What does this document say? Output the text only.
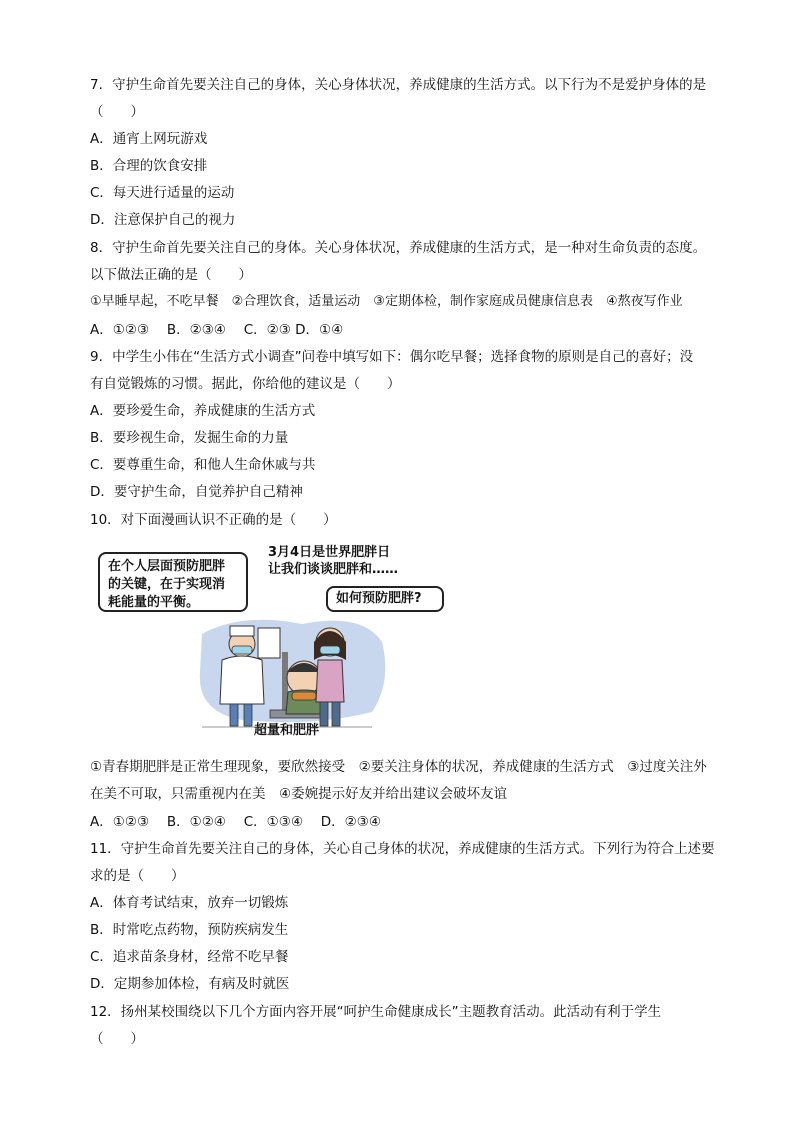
7．守护生命首先要关注自己的身体，关心身体状况，养成健康的生活方式。以下行为不是爱护身体的是
（　　）
A．通宵上网玩游戏
B．合理的饮食安排
C．每天进行适量的运动
D．注意保护自己的视力
8．守护生命首先要关注自己的身体。关心身体状况，养成健康的生活方式，是一种对生命负责的态度。
以下做法正确的是（　　）
①早睡早起，不吃早餐　②合理饮食，适量运动　③定期体检，制作家庭成员健康信息表　④熬夜写作业
A．①②③　 B．②③④　 C．②③ D．①④
9．中学生小伟在“生活方式小调查”问卷中填写如下：偶尔吃早餐；选择食物的原则是自己的喜好；没
有自觉锻炼的习惯。据此，你给他的建议是（　　）
A．要珍爱生命，养成健康的生活方式
B．要珍视生命，发掘生命的力量
C．要尊重生命，和他人生命休戚与共
D．要守护生命，自觉养护自己精神
10．对下面漫画认识不正确的是（　　）
在个人层面预防肥胖
的关键，在于实现消
耗能量的平衡。
3月4日是世界肥胖日
让我们谈谈肥胖和……
如何预防肥胖?
超量和肥胖
①青春期肥胖是正常生理现象，要欣然接受　②要关注身体的状况，养成健康的生活方式　③过度关注外
在美不可取，只需重视内在美　④委婉提示好友并给出建议会破坏友谊
A．①②③　 B．①②④　 C．①③④　 D．②③④
11．守护生命首先要关注自己的身体，关心自己身体的状况，养成健康的生活方式。下列行为符合上述要
求的是（　　）
A．体育考试结束，放弃一切锻炼
B．时常吃点药物，预防疾病发生
C．追求苗条身材，经常不吃早餐
D．定期参加体检，有病及时就医
12．扬州某校围绕以下几个方面内容开展“呵护生命健康成长”主题教育活动。此活动有利于学生
（　　）
